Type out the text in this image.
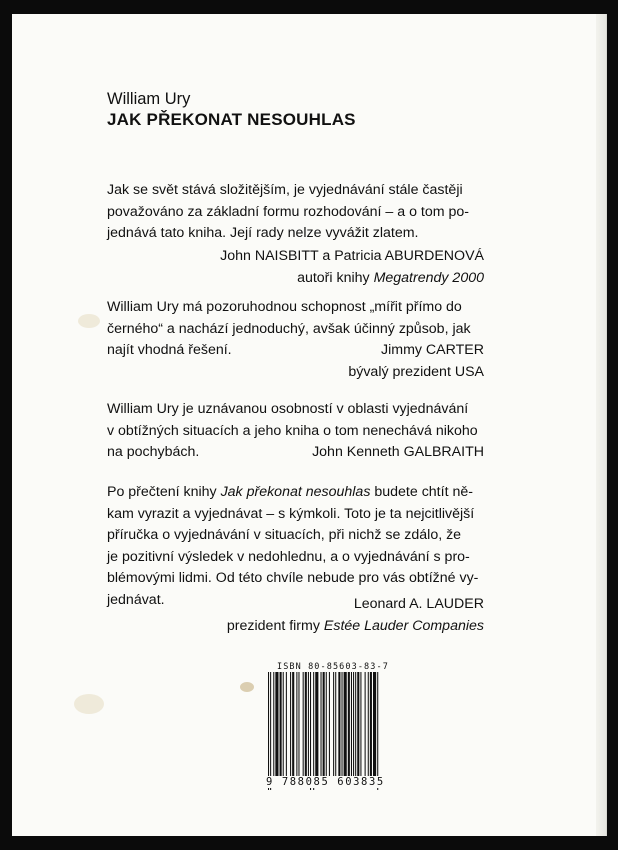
William Ury
JAK PŘEKONAT NESOUHLAS

Jak se svět stává složitějším, je vyjednávání stále častěji
považováno za základní formu rozhodování – a o tom po-
jednává tato kniha. Její rady nelze vyvážit zlatem.

John NAISBITT a Patricia ABURDENOVÁ
autoři knihy Megatrendy 2000

William Ury má pozoruhodnou schopnost „mířit přímo do
černého“ a nachází jednoduchý, avšak účinný způsob, jak
najít vhodná řešení.	Jimmy CARTER
bývalý prezident USA

William Ury je uznávanou osobností v oblasti vyjednávání
v obtížných situacích a jeho kniha o tom nenechává nikoho
na pochybách.	John Kenneth GALBRAITH

Po přečtení knihy Jak překonat nesouhlas budete chtít ně-
kam vyrazit a vyjednávat – s kýmkoli. Toto je ta nejcitlivější
příručka o vyjednávání v situacích, při nichž se zdálo, že
je pozitivní výsledek v nedohlednu, a o vyjednávání s pro-
blémovými lidmi. Od této chvíle nebude pro vás obtížné vy-
jednávat.	Leonard A. LAUDER
prezident firmy Estée Lauder Companies

ISBN 80-85603-83-7
9 788085 603835
